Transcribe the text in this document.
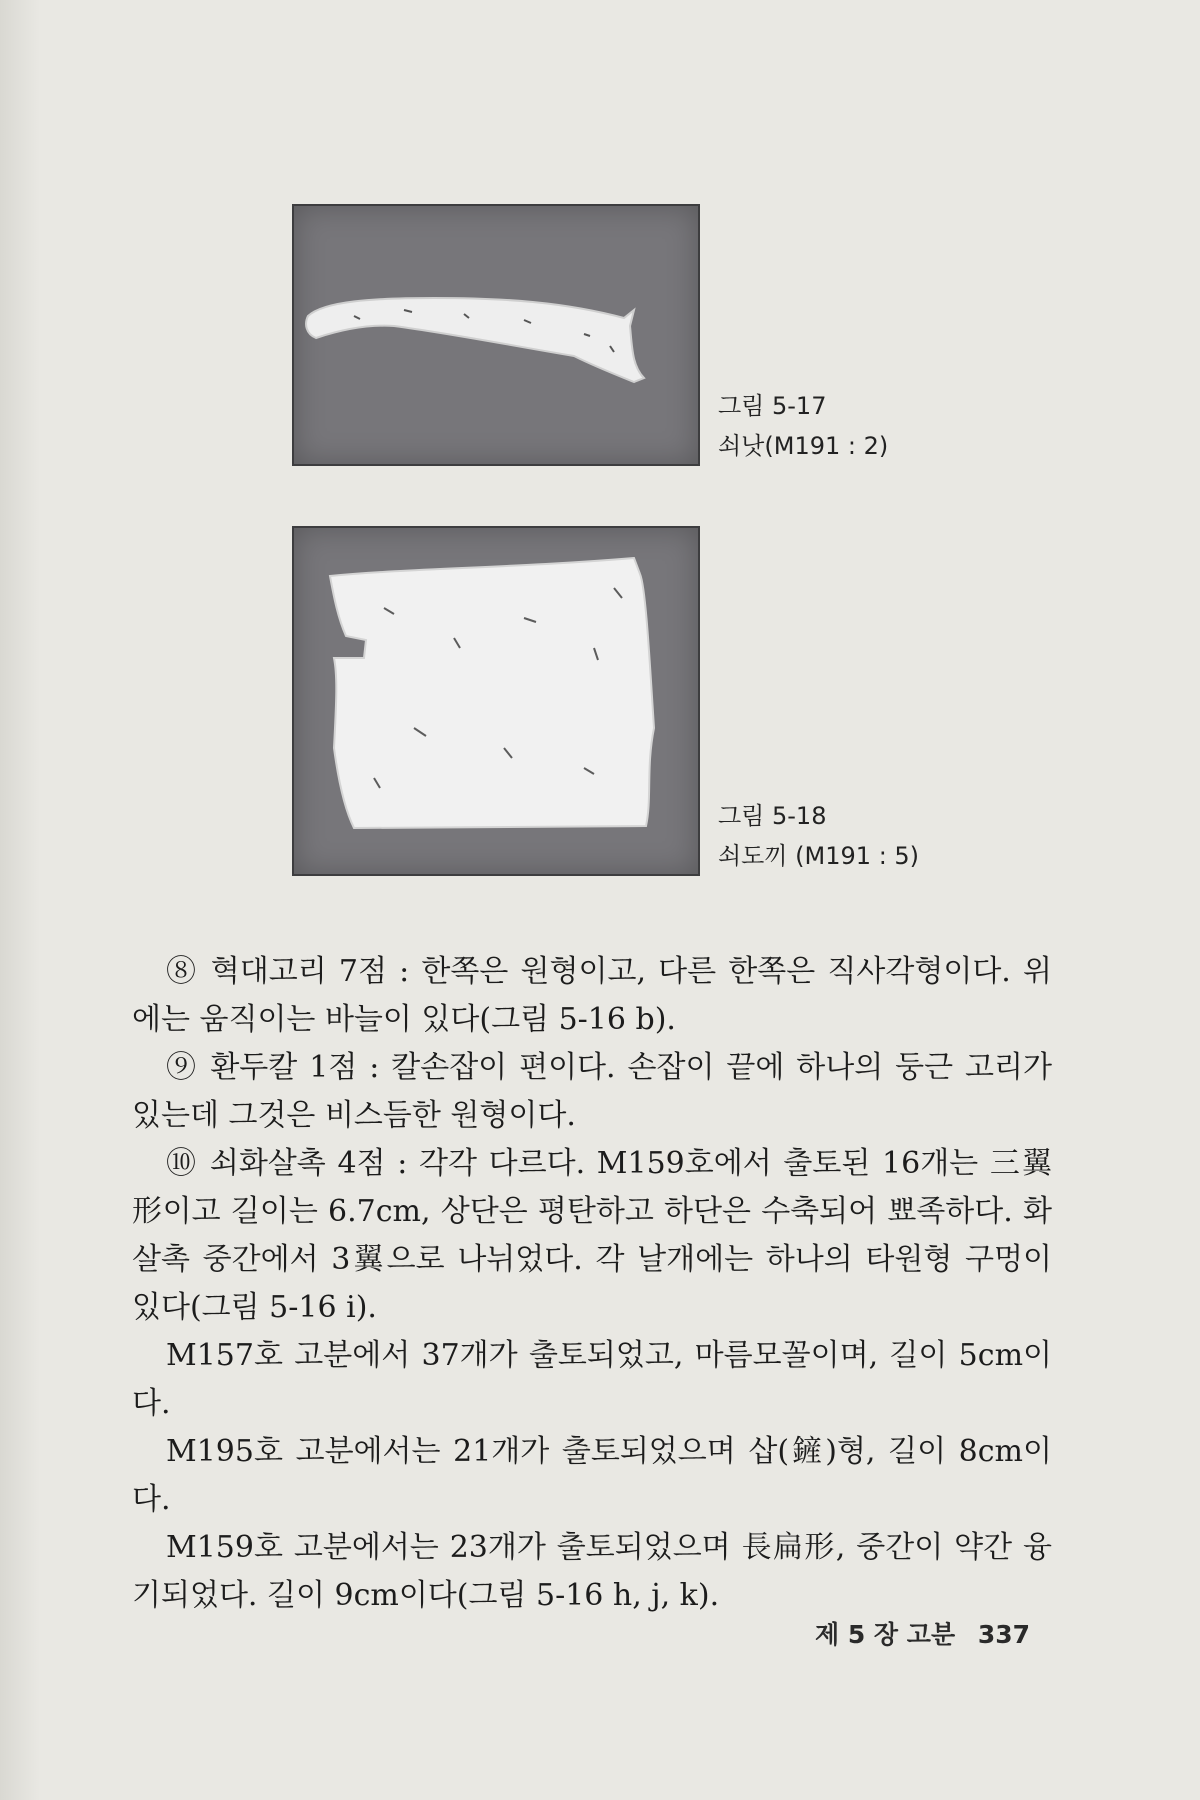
그림 5-17
쇠낫(M191 : 2)
그림 5-18
쇠도끼 (M191 : 5)

⑧ 혁대고리 7점 : 한쪽은 원형이고, 다른 한쪽은 직사각형이다. 위에는 움직이는 바늘이 있다(그림 5-16 b).

⑨ 환두칼 1점 : 칼손잡이 편이다. 손잡이 끝에 하나의 둥근 고리가 있는데 그것은 비스듬한 원형이다.

⑩ 쇠화살촉 4점 : 각각 다르다. M159호에서 출토된 16개는 三翼形이고 길이는 6.7cm, 상단은 평탄하고 하단은 수축되어 뾰족하다. 화살촉 중간에서 3翼으로 나뉘었다. 각 날개에는 하나의 타원형 구멍이 있다(그림 5-16 i).

M157호 고분에서 37개가 출토되었고, 마름모꼴이며, 길이 5cm이다.

M195호 고분에서는 21개가 출토되었으며 삽(鏟)형, 길이 8cm이다.

M159호 고분에서는 23개가 출토되었으며 長扁形, 중간이 약간 융기되었다. 길이 9cm이다(그림 5-16 h, j, k).

제 5 장 고분 337
